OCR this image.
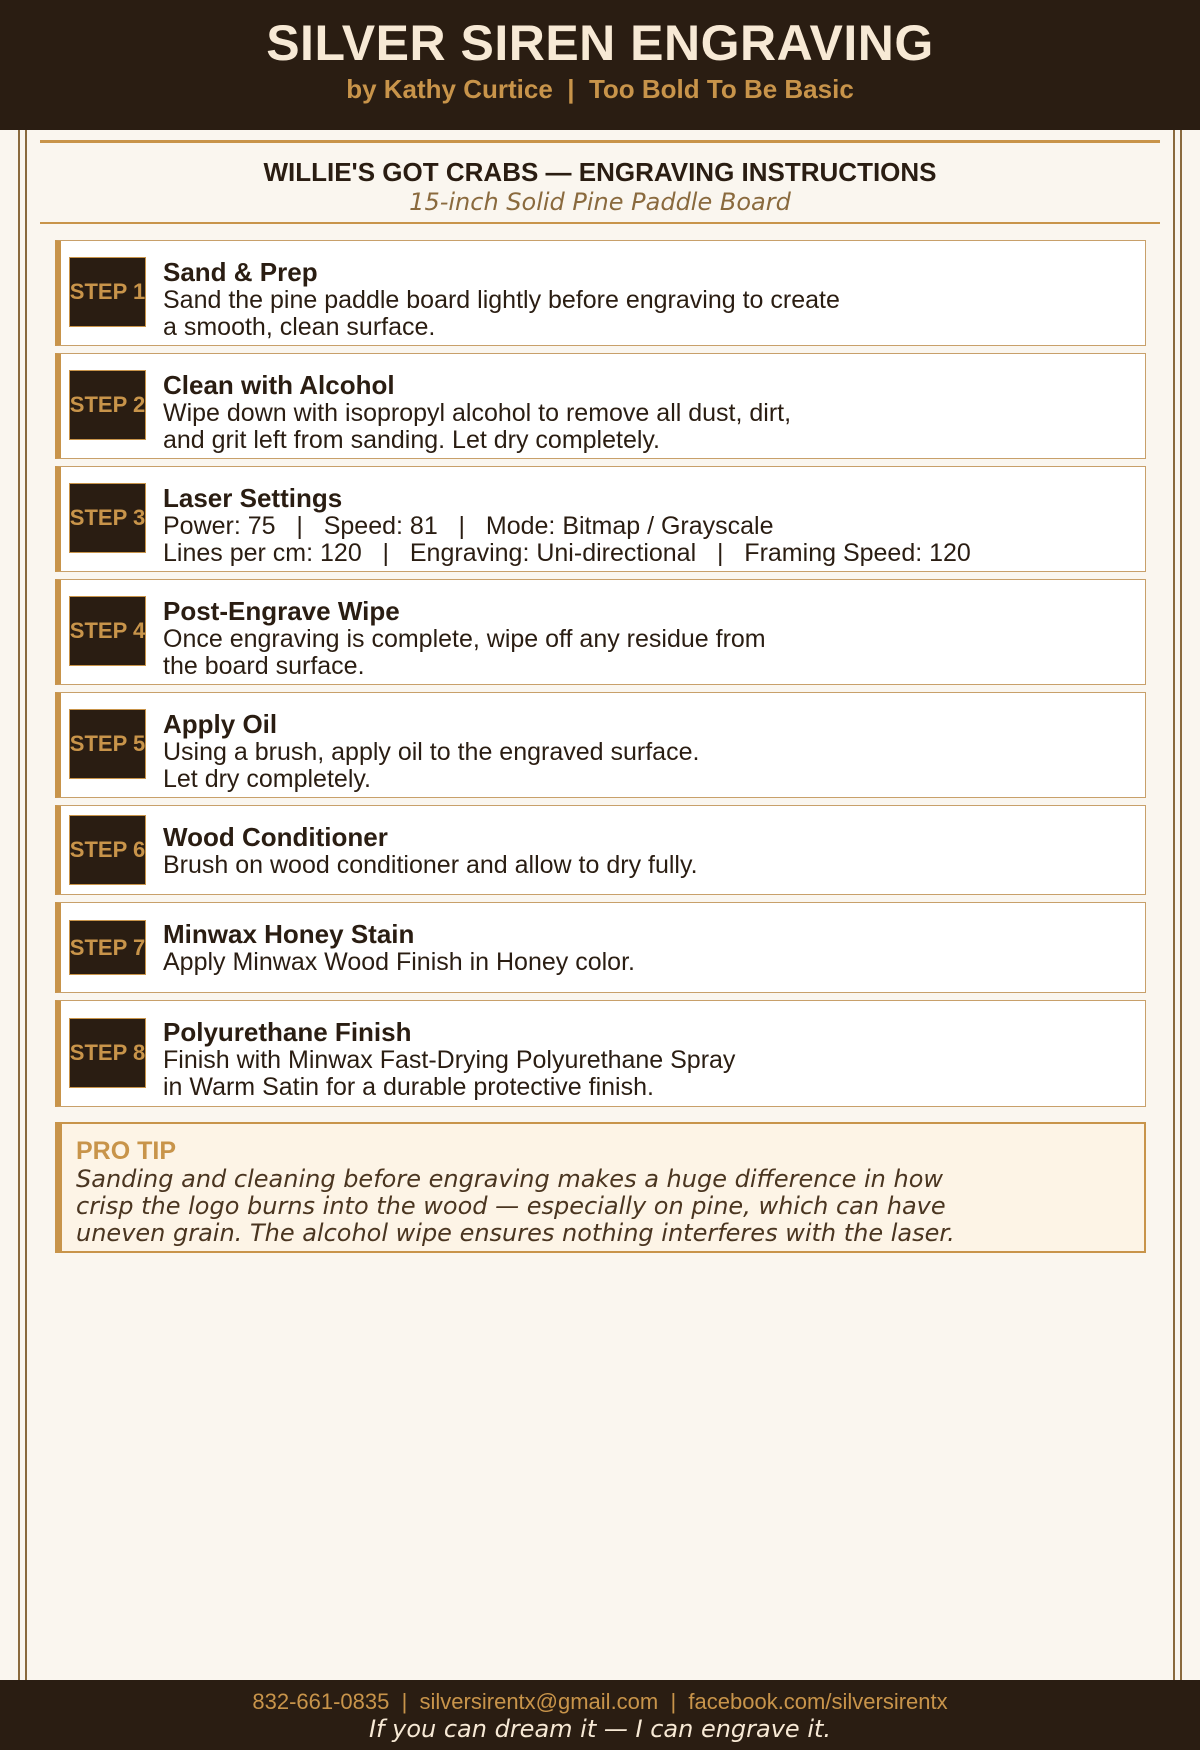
SILVER SIREN ENGRAVING
by Kathy Curtice  |  Too Bold To Be Basic
WILLIE'S GOT CRABS — ENGRAVING INSTRUCTIONS
15-inch Solid Pine Paddle Board
STEP 1
Sand & Prep
Sand the pine paddle board lightly before engraving to create
a smooth, clean surface.
STEP 2
Clean with Alcohol
Wipe down with isopropyl alcohol to remove all dust, dirt,
and grit left from sanding. Let dry completely.
STEP 3
Laser Settings
Power: 75   |   Speed: 81   |   Mode: Bitmap / Grayscale
Lines per cm: 120   |   Engraving: Uni-directional   |   Framing Speed: 120
STEP 4
Post-Engrave Wipe
Once engraving is complete, wipe off any residue from
the board surface.
STEP 5
Apply Oil
Using a brush, apply oil to the engraved surface.
Let dry completely.
STEP 6 Wood Conditioner
Brush on wood conditioner and allow to dry fully.
STEP 7 Minwax Honey Stain
Apply Minwax Wood Finish in Honey color.
STEP 8
Polyurethane Finish
Finish with Minwax Fast-Drying Polyurethane Spray
in Warm Satin for a durable protective finish.
PRO TIP
Sanding and cleaning before engraving makes a huge difference in how
crisp the logo burns into the wood — especially on pine, which can have
uneven grain. The alcohol wipe ensures nothing interferes with the laser.
832-661-0835  |  silversirentx@gmail.com  |  facebook.com/silversirentx
If you can dream it — I can engrave it.
